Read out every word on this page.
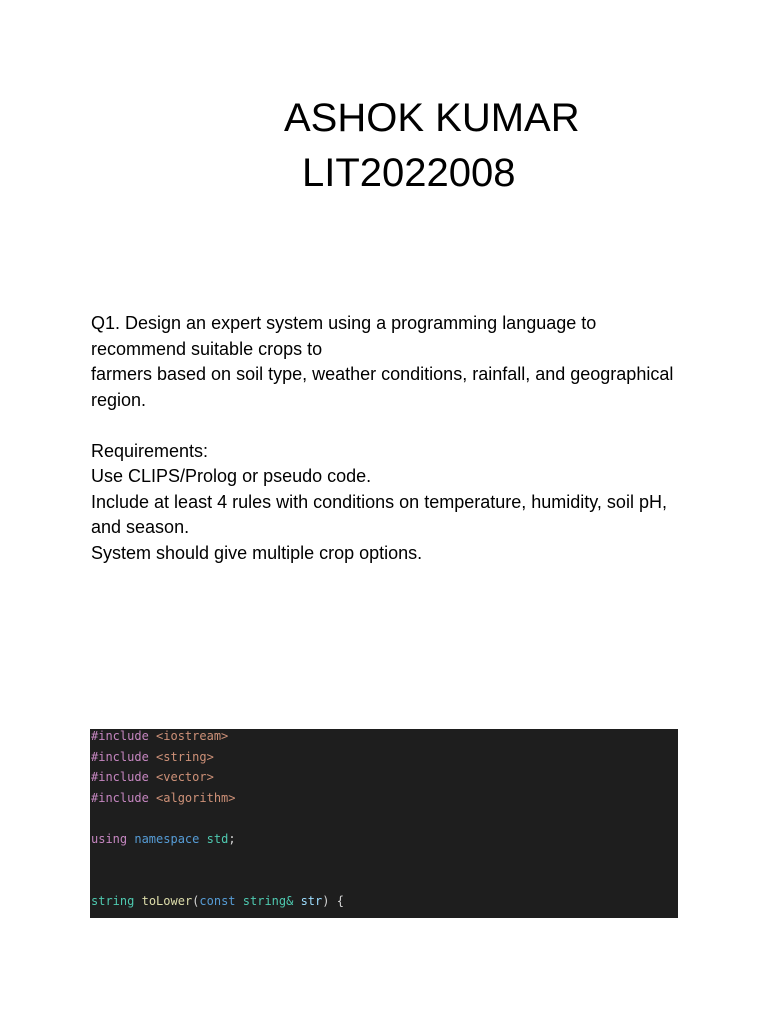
ASHOK KUMAR
LIT2022008

Q1. Design an expert system using a programming language to recommend suitable crops to

farmers based on soil type, weather conditions, rainfall, and geographical region.

Requirements:

Use CLIPS/Prolog or pseudo code.

Include at least 4 rules with conditions on temperature, humidity, soil pH, and season.

System should give multiple crop options.

#include <iostream>
#include <string>
#include <vector>
#include <algorithm>
using namespace std;
string toLower(const string& str) {
